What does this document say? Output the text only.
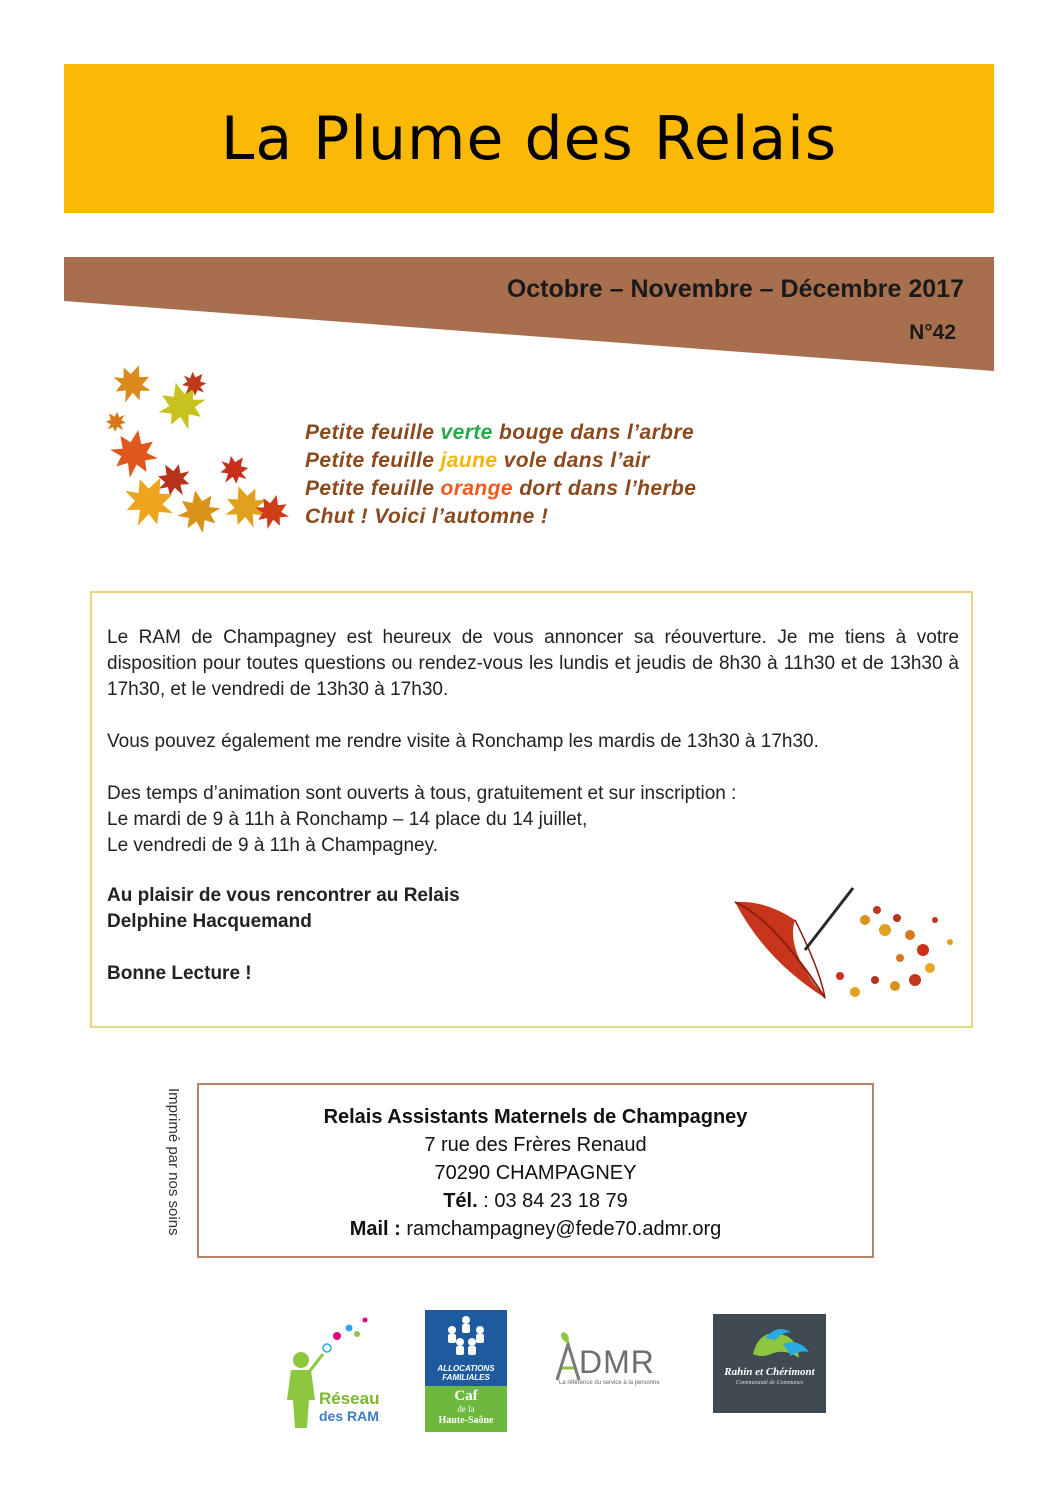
La Plume des Relais
Octobre – Novembre – Décembre 2017
N°42
Petite feuille verte bouge dans l’arbre
Petite feuille jaune vole dans l’air
Petite feuille orange dort dans l’herbe
Chut ! Voici l’automne !

Le RAM de Champagney est heureux de vous annoncer sa réouverture. Je me tiens à votre disposition pour toutes questions ou rendez-vous les lundis et jeudis de 8h30 à 11h30 et de 13h30 à 17h30, et le vendredi de 13h30 à 17h30.

Vous pouvez également me rendre visite à Ronchamp les mardis de 13h30 à 17h30.

Des temps d’animation sont ouverts à tous, gratuitement et sur inscription :

Le mardi de 9 à 11h à Ronchamp – 14 place du 14 juillet,

Le vendredi de 9 à 11h à Champagney.

Au plaisir de vous rencontrer au Relais

Delphine Hacquemand

Bonne Lecture !

Imprimé par nos soins	Relais Assistants Maternels de Champagney
7 rue des Frères Renaud
70290 CHAMPAGNEY
Tél. : 03 84 23 18 79
Mail : ramchampagney@fede70.admr.org
Réseau
des RAM
ALLOCATIONS
FAMILIALES
Caf
de la
Haute-Saône
DMR
La référence du service à la personne
Rahin et Chérimont
Communauté de Communes
